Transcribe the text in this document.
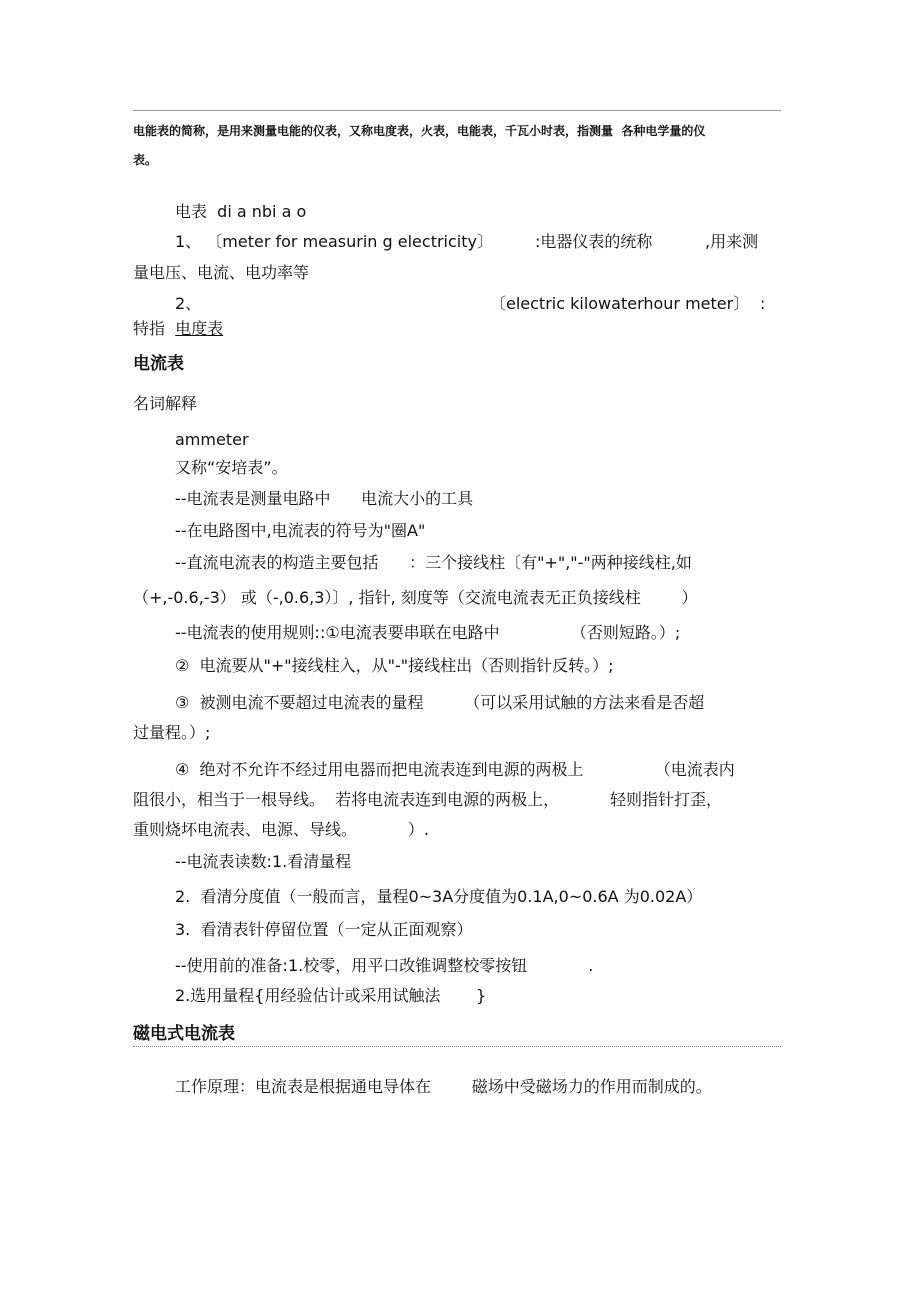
电能表的简称，是用来测量电能的仪表，又称电度表，火表，电能表，千瓦小时表，指测量  各种电学量的仪
表。
电表  di a nbi a o
1、 〔meter for measurin g electricity〕	:电器仪表的统称	,用来测
量电压、电流、电功率等
2、	〔electric kilowaterhour meter〕 :
特指  电度表
电流表
名词解释
ammeter
又称“安培表”。
--电流表是测量电路中      电流大小的工具
--在电路图中,电流表的符号为"圈A"
--直流电流表的构造主要包括      ：三个接线柱〔有"+","-"两种接线柱,如
（+,-0.6,-3） 或（-,0.6,3）〕, 指针, 刻度等（交流电流表无正负接线柱        ）
--电流表的使用规则::①电流表要串联在电路中              （否则短路。）;
②  电流要从"+"接线柱入，从"-"接线柱出（否则指针反转。）;
③  被测电流不要超过电流表的量程        （可以采用试触的方法来看是否超
过量程。）;
④  绝对不允许不经过用电器而把电流表连到电源的两极上              （电流表内
阻很小，相当于一根导线。  若将电流表连到电源的两极上，          轻则指针打歪，
重则烧坏电流表、电源、导线。          ）.
--电流表读数:1.看清量程
2.  看清分度值（一般而言，量程0~3A分度值为0.1A,0~0.6A 为0.02A）
3.  看清表针停留位置（一定从正面观察）
--使用前的准备:1.校零，用平口改锥调整校零按钮            .
2.选用量程{用经验估计或采用试触法       }
磁电式电流表
工作原理：电流表是根据通电导体在        磁场中受磁场力的作用而制成的。
